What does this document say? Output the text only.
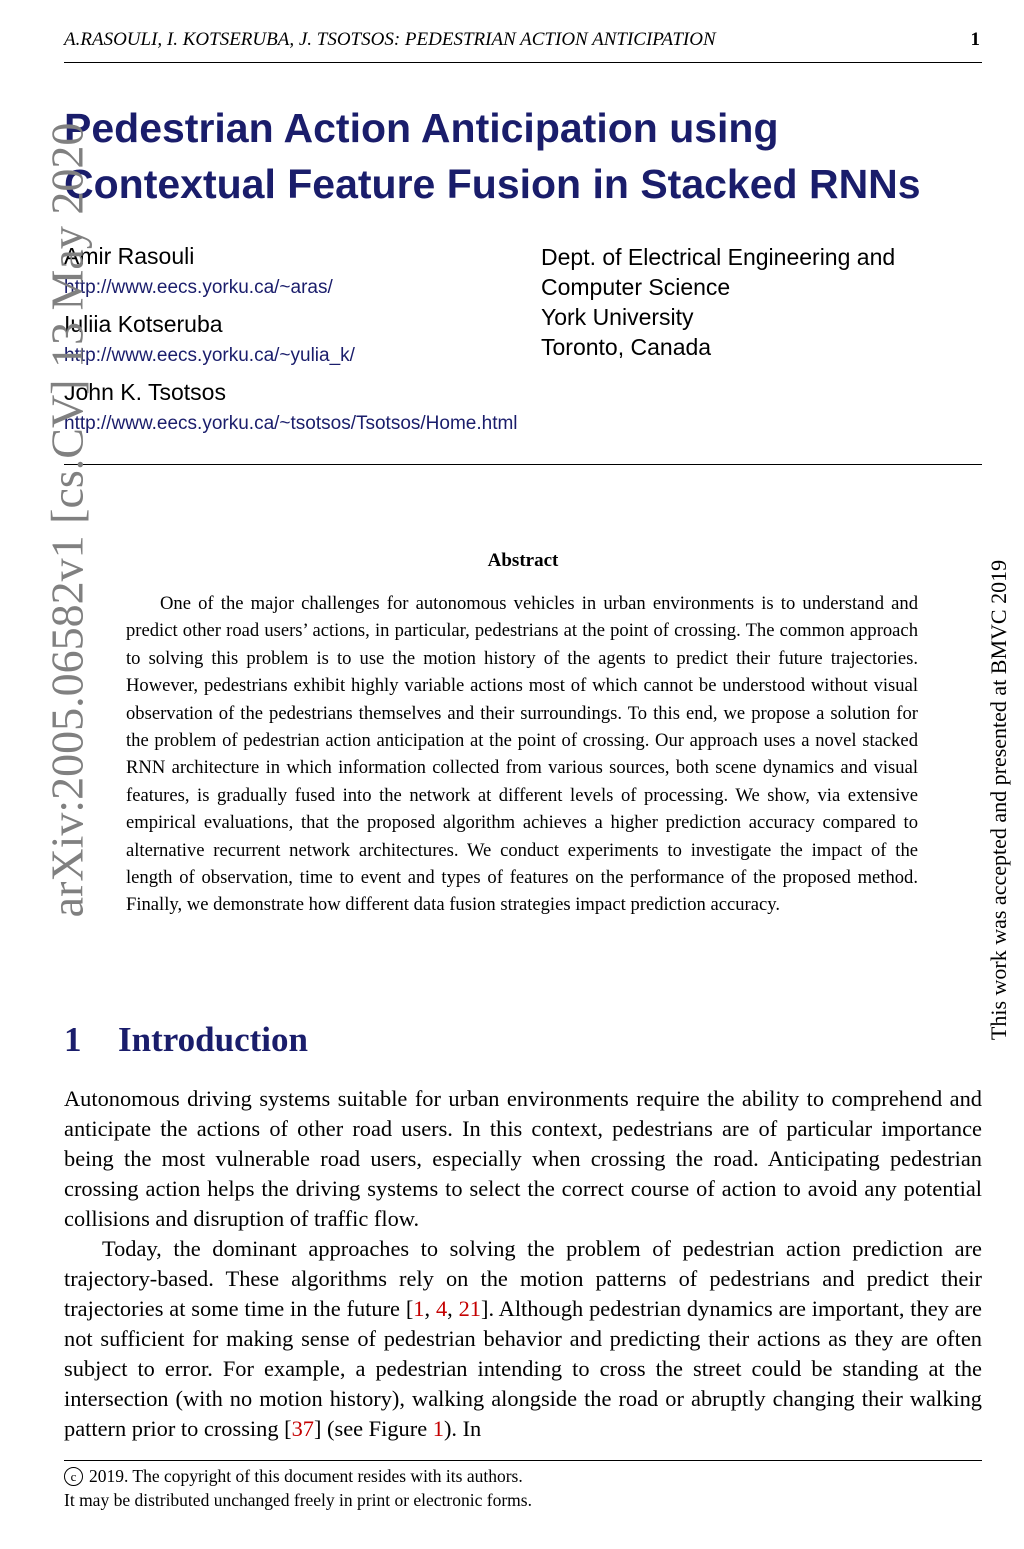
A.RASOULI, I. KOTSERUBA, J. TSOTSOS: PEDESTRIAN ACTION ANTICIPATION	1
Pedestrian Action Anticipation using
Contextual Feature Fusion in Stacked RNNs
Amir Rasouli
http://www.eecs.yorku.ca/~aras/
Iuliia Kotseruba
http://www.eecs.yorku.ca/~yulia_k/
John K. Tsotsos
http://www.eecs.yorku.ca/~tsotsos/Tsotsos/Home.html
Dept. of Electrical Engineering and
Computer Science
York University
Toronto, Canada
Abstract
One of the major challenges for autonomous vehicles in urban environments is to understand and predict other road users’ actions, in particular, pedestrians at the point of crossing. The common approach to solving this problem is to use the motion history of the agents to predict their future trajectories. However, pedestrians exhibit highly variable actions most of which cannot be understood without visual observation of the pedestrians themselves and their surroundings. To this end, we propose a solution for the problem of pedestrian action anticipation at the point of crossing. Our approach uses a novel stacked RNN architecture in which information collected from various sources, both scene dynamics and visual features, is gradually fused into the network at different levels of processing. We show, via extensive empirical evaluations, that the proposed algorithm achieves a higher prediction accuracy compared to alternative recurrent network architectures. We conduct experiments to investigate the impact of the length of observation, time to event and types of features on the performance of the proposed method. Finally, we demonstrate how different data fusion strategies impact prediction accuracy.
1 Introduction

Autonomous driving systems suitable for urban environments require the ability to comprehend and anticipate the actions of other road users. In this context, pedestrians are of particular importance being the most vulnerable road users, especially when crossing the road. Anticipating pedestrian crossing action helps the driving systems to select the correct course of action to avoid any potential collisions and disruption of traffic flow.

Today, the dominant approaches to solving the problem of pedestrian action prediction are trajectory-based. These algorithms rely on the motion patterns of pedestrians and predict their trajectories at some time in the future [1, 4, 21]. Although pedestrian dynamics are important, they are not sufficient for making sense of pedestrian behavior and predicting their actions as they are often subject to error. For example, a pedestrian intending to cross the street could be standing at the intersection (with no motion history), walking alongside the road or abruptly changing their walking pattern prior to crossing [37] (see Figure 1). In

c 2019. The copyright of this document resides with its authors.
It may be distributed unchanged freely in print or electronic forms.
arXiv:2005.06582v1 [cs.CV] 13 May 2020	This work was accepted and presented at BMVC 2019
